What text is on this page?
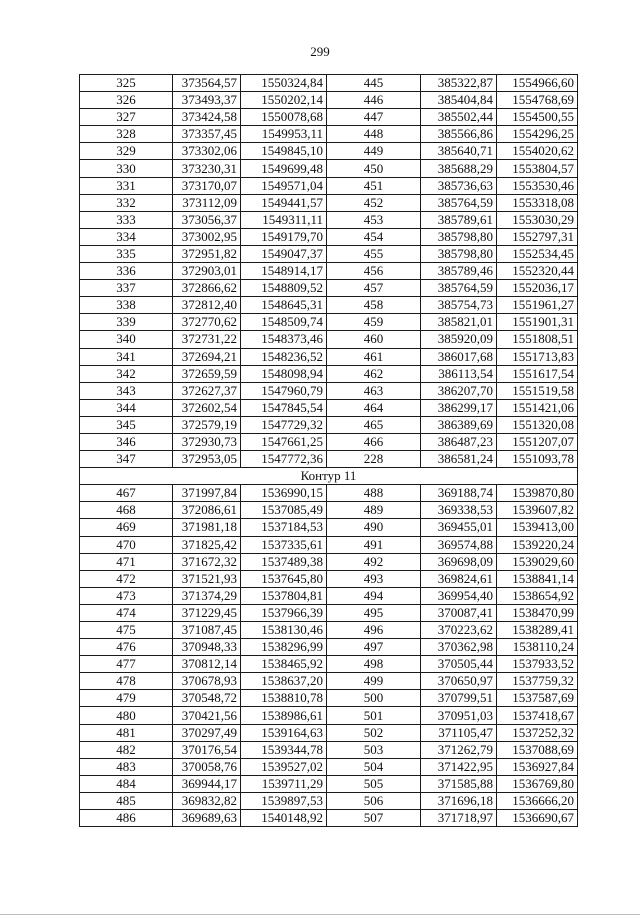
299
325	373564,57	1550324,84	445	385322,87	1554966,60
326	373493,37	1550202,14	446	385404,84	1554768,69
327	373424,58	1550078,68	447	385502,44	1554500,55
328	373357,45	1549953,11	448	385566,86	1554296,25
329	373302,06	1549845,10	449	385640,71	1554020,62
330	373230,31	1549699,48	450	385688,29	1553804,57
331	373170,07	1549571,04	451	385736,63	1553530,46
332	373112,09	1549441,57	452	385764,59	1553318,08
333	373056,37	1549311,11	453	385789,61	1553030,29
334	373002,95	1549179,70	454	385798,80	1552797,31
335	372951,82	1549047,37	455	385798,80	1552534,45
336	372903,01	1548914,17	456	385789,46	1552320,44
337	372866,62	1548809,52	457	385764,59	1552036,17
338	372812,40	1548645,31	458	385754,73	1551961,27
339	372770,62	1548509,74	459	385821,01	1551901,31
340	372731,22	1548373,46	460	385920,09	1551808,51
341	372694,21	1548236,52	461	386017,68	1551713,83
342	372659,59	1548098,94	462	386113,54	1551617,54
343	372627,37	1547960,79	463	386207,70	1551519,58
344	372602,54	1547845,54	464	386299,17	1551421,06
345	372579,19	1547729,32	465	386389,69	1551320,08
346	372930,73	1547661,25	466	386487,23	1551207,07
347	372953,05	1547772,36	228	386581,24	1551093,78
Контур 11					
467	371997,84	1536990,15	488	369188,74	1539870,80
468	372086,61	1537085,49	489	369338,53	1539607,82
469	371981,18	1537184,53	490	369455,01	1539413,00
470	371825,42	1537335,61	491	369574,88	1539220,24
471	371672,32	1537489,38	492	369698,09	1539029,60
472	371521,93	1537645,80	493	369824,61	1538841,14
473	371374,29	1537804,81	494	369954,40	1538654,92
474	371229,45	1537966,39	495	370087,41	1538470,99
475	371087,45	1538130,46	496	370223,62	1538289,41
476	370948,33	1538296,99	497	370362,98	1538110,24
477	370812,14	1538465,92	498	370505,44	1537933,52
478	370678,93	1538637,20	499	370650,97	1537759,32
479	370548,72	1538810,78	500	370799,51	1537587,69
480	370421,56	1538986,61	501	370951,03	1537418,67
481	370297,49	1539164,63	502	371105,47	1537252,32
482	370176,54	1539344,78	503	371262,79	1537088,69
483	370058,76	1539527,02	504	371422,95	1536927,84
484	369944,17	1539711,29	505	371585,88	1536769,80
485	369832,82	1539897,53	506	371696,18	1536666,20
486	369689,63	1540148,92	507	371718,97	1536690,67
